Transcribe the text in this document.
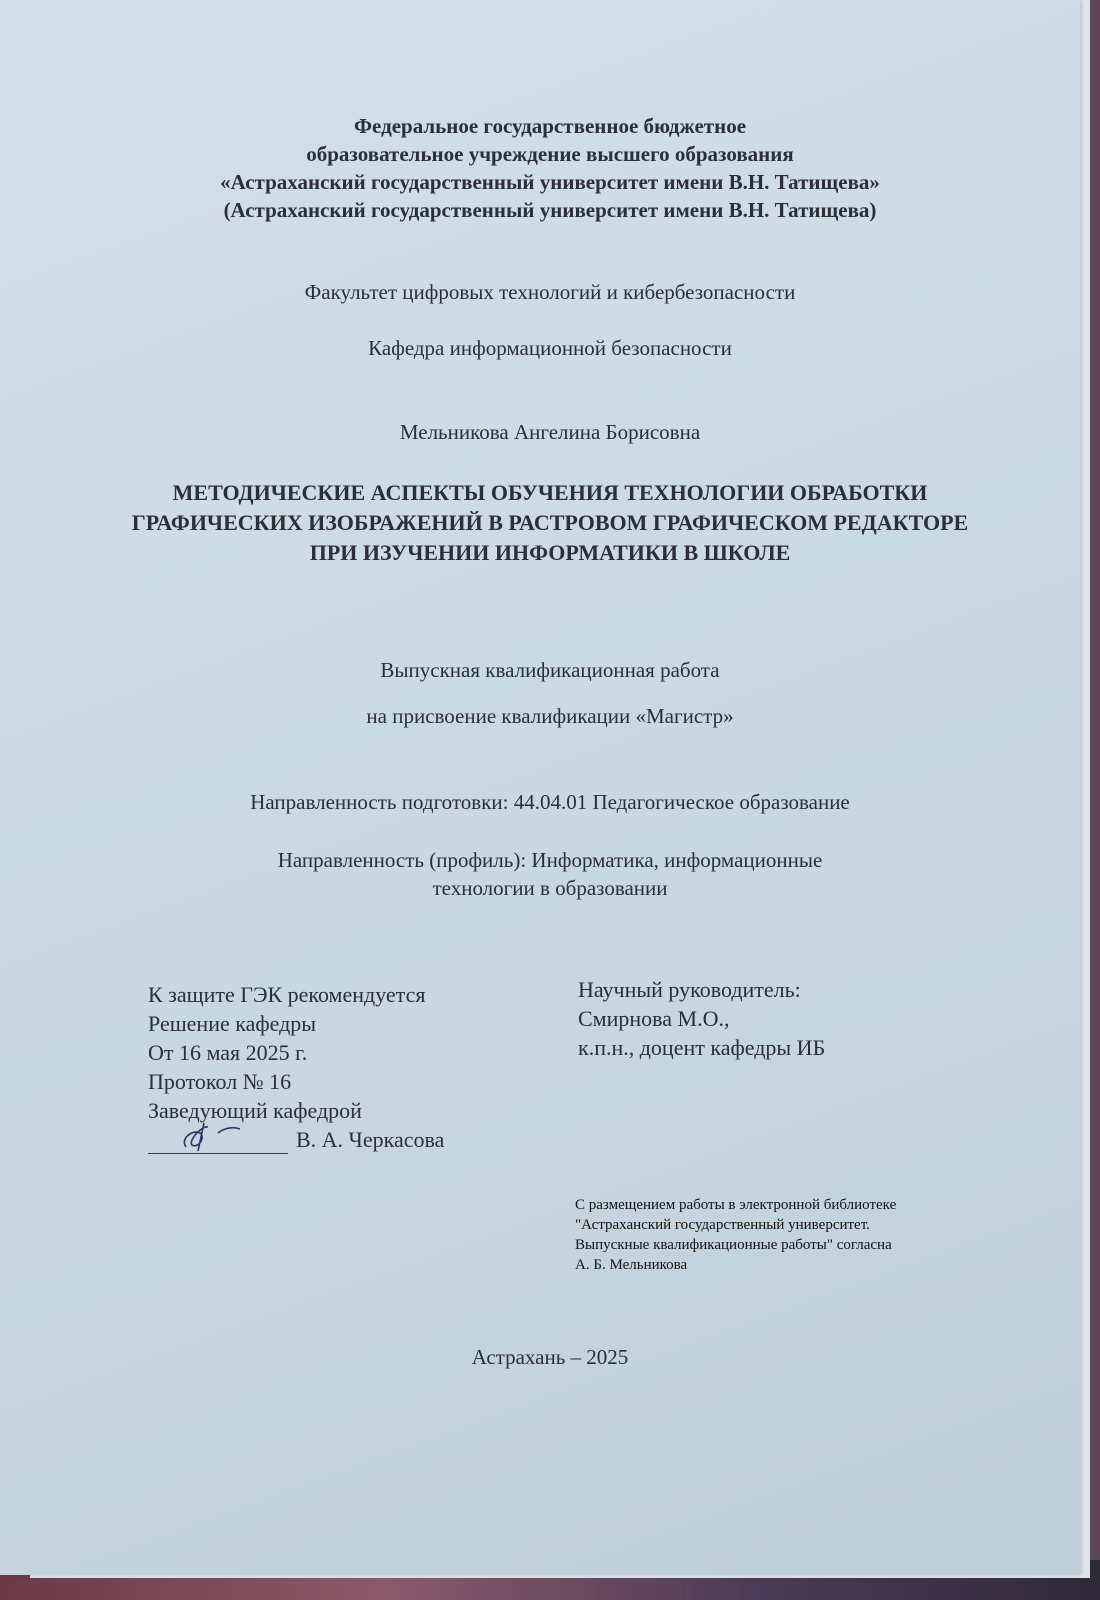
Федеральное государственное бюджетное
образовательное учреждение высшего образования
«Астраханский государственный университет имени В.Н. Татищева»
(Астраханский государственный университет имени В.Н. Татищева)
Факультет цифровых технологий и кибербезопасности
Кафедра информационной безопасности
Мельникова Ангелина Борисовна
МЕТОДИЧЕСКИЕ АСПЕКТЫ ОБУЧЕНИЯ ТЕХНОЛОГИИ ОБРАБОТКИ ГРАФИЧЕСКИХ ИЗОБРАЖЕНИЙ В РАСТРОВОМ ГРАФИЧЕСКОМ РЕДАКТОРЕ ПРИ ИЗУЧЕНИИ ИНФОРМАТИКИ В ШКОЛЕ
Выпускная квалификационная работа
на присвоение квалификации «Магистр»
Направленность подготовки: 44.04.01 Педагогическое образование
Направленность (профиль): Информатика, информационные
технологии в образовании
К защите ГЭК рекомендуется
Решение кафедры
От 16 мая 2025 г.
Протокол № 16
Заведующий кафедрой
В. А. Черкасова
Научный руководитель:
Смирнова М.О.,
к.п.н., доцент кафедры ИБ
С размещением работы в электронной библиотеке
"Астраханский государственный университет.
Выпускные квалификационные работы" согласна
А. Б. Мельникова
Астрахань – 2025
